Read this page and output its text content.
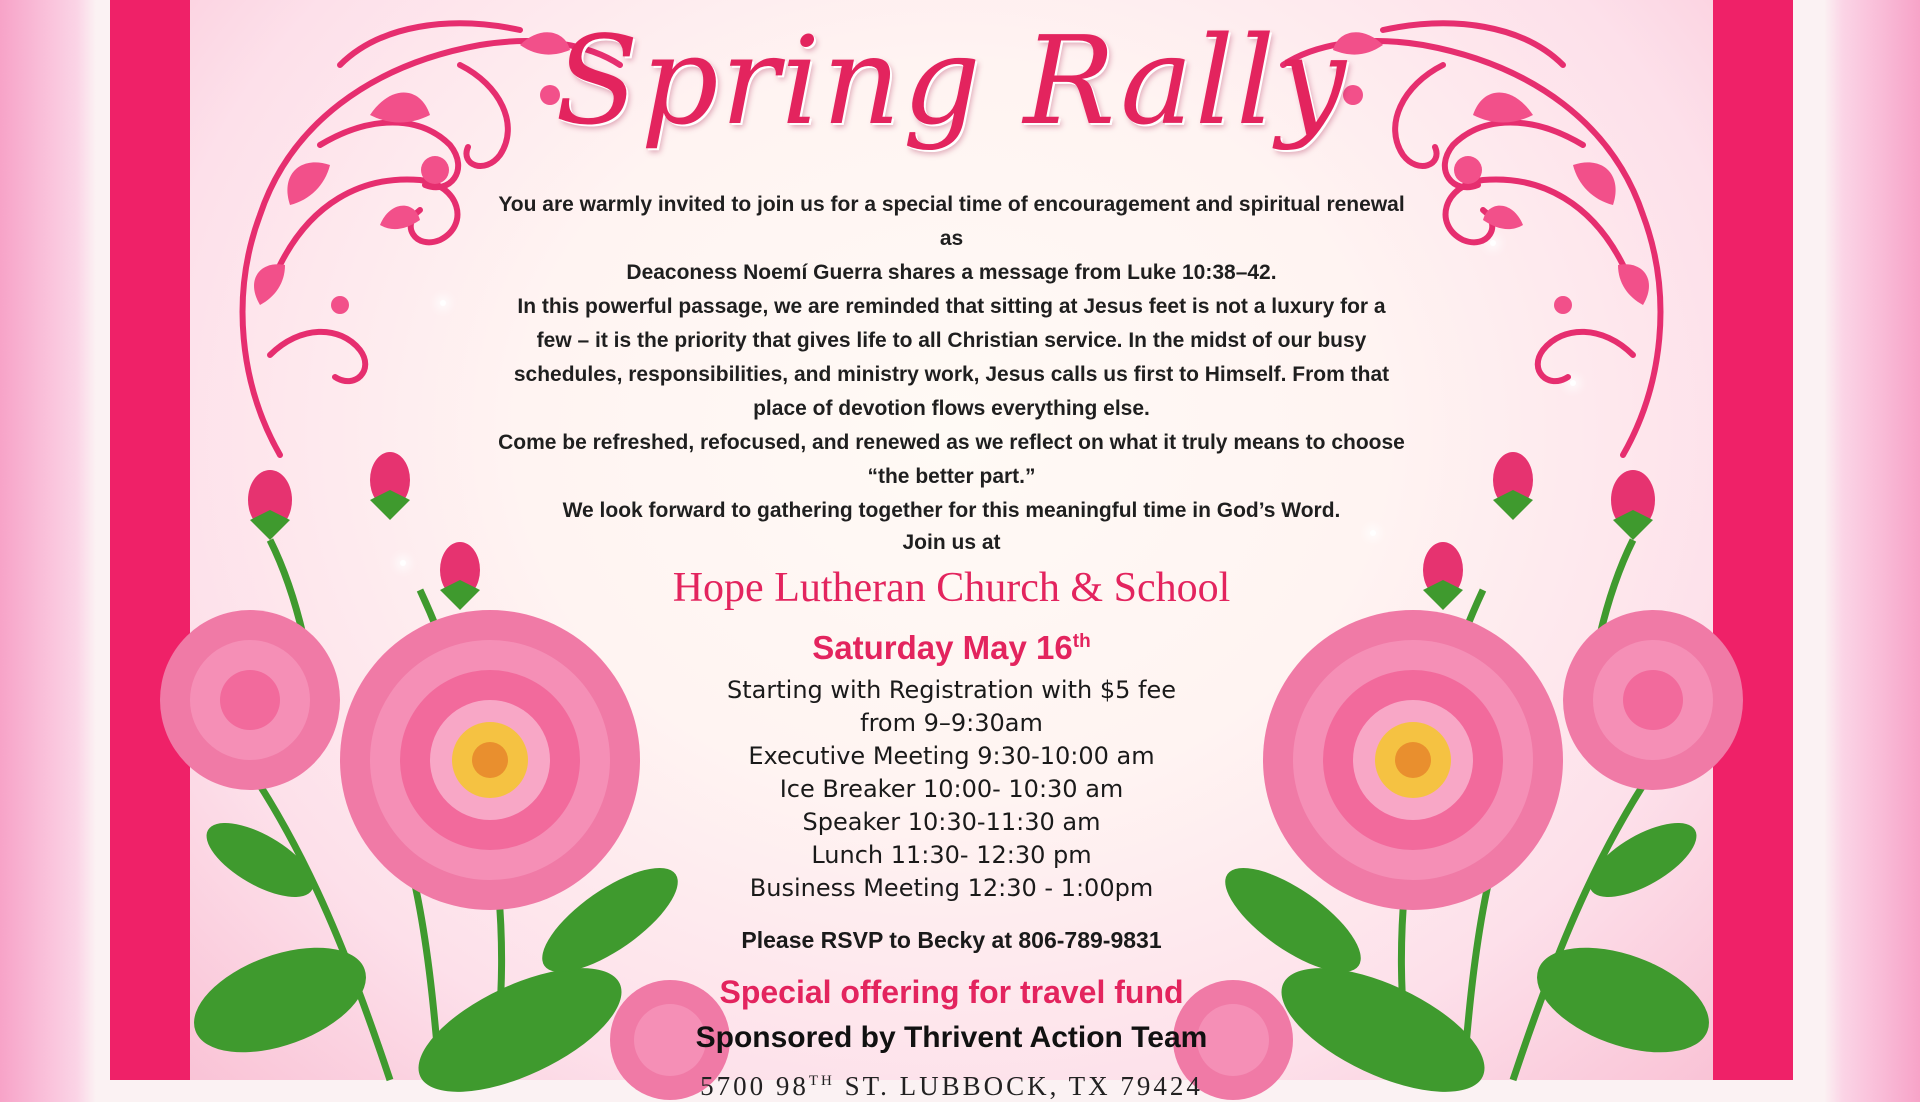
Spring Rally

You are warmly invited to join us for a special time of encouragement and spiritual renewal as

Deaconess Noemí Guerra shares a message from Luke 10:38–42.

In this powerful passage, we are reminded that sitting at Jesus feet is not a luxury for a

few – it is the priority that gives life to all Christian service. In the midst of our busy

schedules, responsibilities, and ministry work, Jesus calls us first to Himself. From that

place of devotion flows everything else.

Come be refreshed, refocused, and renewed as we reflect on what it truly means to choose

“the better part.”

We look forward to gathering together for this meaningful time in God’s Word.

Join us at

Hope Lutheran Church & School

Saturday May 16th

Starting with Registration with $5 fee

from 9–9:30am

Executive Meeting 9:30-10:00 am

Ice Breaker 10:00- 10:30 am

Speaker 10:30-11:30 am

Lunch 11:30- 12:30 pm

Business Meeting 12:30 - 1:00pm

Please RSVP to Becky at 806-789-9831

Special offering for travel fund

Sponsored by Thrivent Action Team

5700 98TH ST. LUBBOCK, TX 79424
